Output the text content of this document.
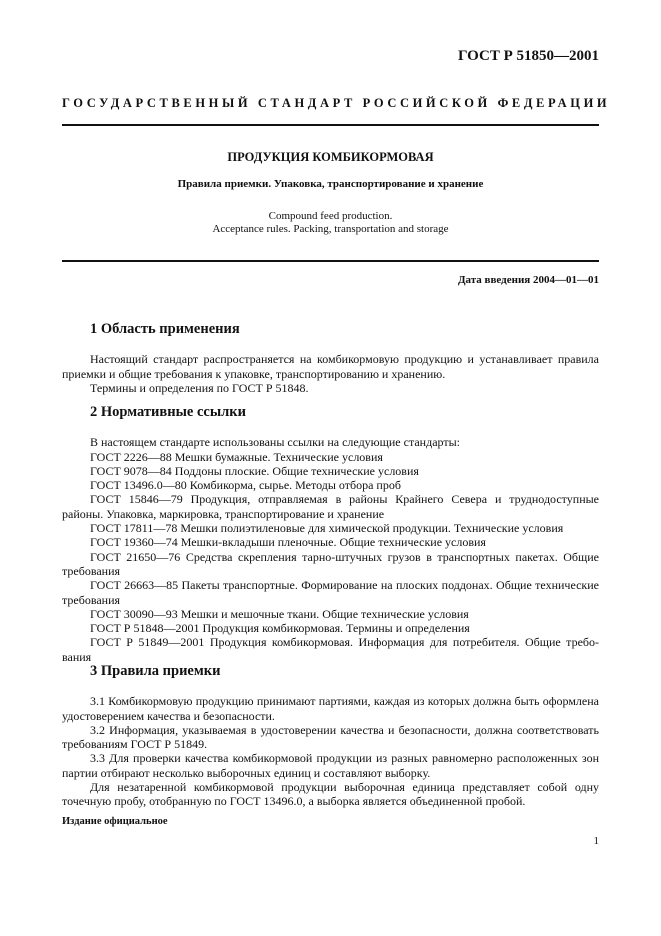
ГОСТ Р 51850—2001
ГОСУДАРСТВЕННЫЙ СТАНДАРТ РОССИЙСКОЙ ФЕДЕРАЦИИ
ПРОДУКЦИЯ КОМБИКОРМОВАЯ
Правила приемки. Упаковка, транспортирование и хранение
Compound feed production.
Acceptance rules. Packing, transportation and storage
Дата введения 2004—01—01
1 Область применения

Настоящий стандарт распространяется на комбикормовую продукцию и устанавливает правила приемки и общие требования к упаковке, транспортированию и хранению.

Термины и определения по ГОСТ Р 51848.

2 Нормативные ссылки

В настоящем стандарте использованы ссылки на следующие стандарты:

ГОСТ 2226—88 Мешки бумажные. Технические условия

ГОСТ 9078—84 Поддоны плоские. Общие технические условия

ГОСТ 13496.0—80 Комбикорма, сырье. Методы отбора проб

ГОСТ 15846—79 Продукция, отправляемая в районы Крайнего Севера и труднодоступные районы. Упаковка, маркировка, транспортирование и хранение

ГОСТ 17811—78 Мешки полиэтиленовые для химической продукции. Технические условия

ГОСТ 19360—74 Мешки-вкладыши пленочные. Общие технические условия

ГОСТ 21650—76 Средства скрепления тарно-штучных грузов в транспортных пакетах. Общие требования

ГОСТ 26663—85 Пакеты транспортные. Формирование на плоских поддонах. Общие технические требования

ГОСТ 30090—93 Мешки и мешочные ткани. Общие технические условия

ГОСТ Р 51848—2001 Продукция комбикормовая. Термины и определения

ГОСТ Р 51849—2001 Продукция комбикормовая. Информация для потребителя. Общие требования

3 Правила приемки

3.1 Комбикормовую продукцию принимают партиями, каждая из которых должна быть оформлена удостоверением качества и безопасности.

3.2 Информация, указываемая в удостоверении качества и безопасности, должна соответствовать требованиям ГОСТ Р 51849.

3.3 Для проверки качества комбикормовой продукции из разных равномерно расположенных зон партии отбирают несколько выборочных единиц и составляют выборку.

Для незатаренной комбикормовой продукции выборочная единица представляет собой одну точечную пробу, отобранную по ГОСТ 13496.0, а выборка является объединенной пробой.

Издание официальное
1
